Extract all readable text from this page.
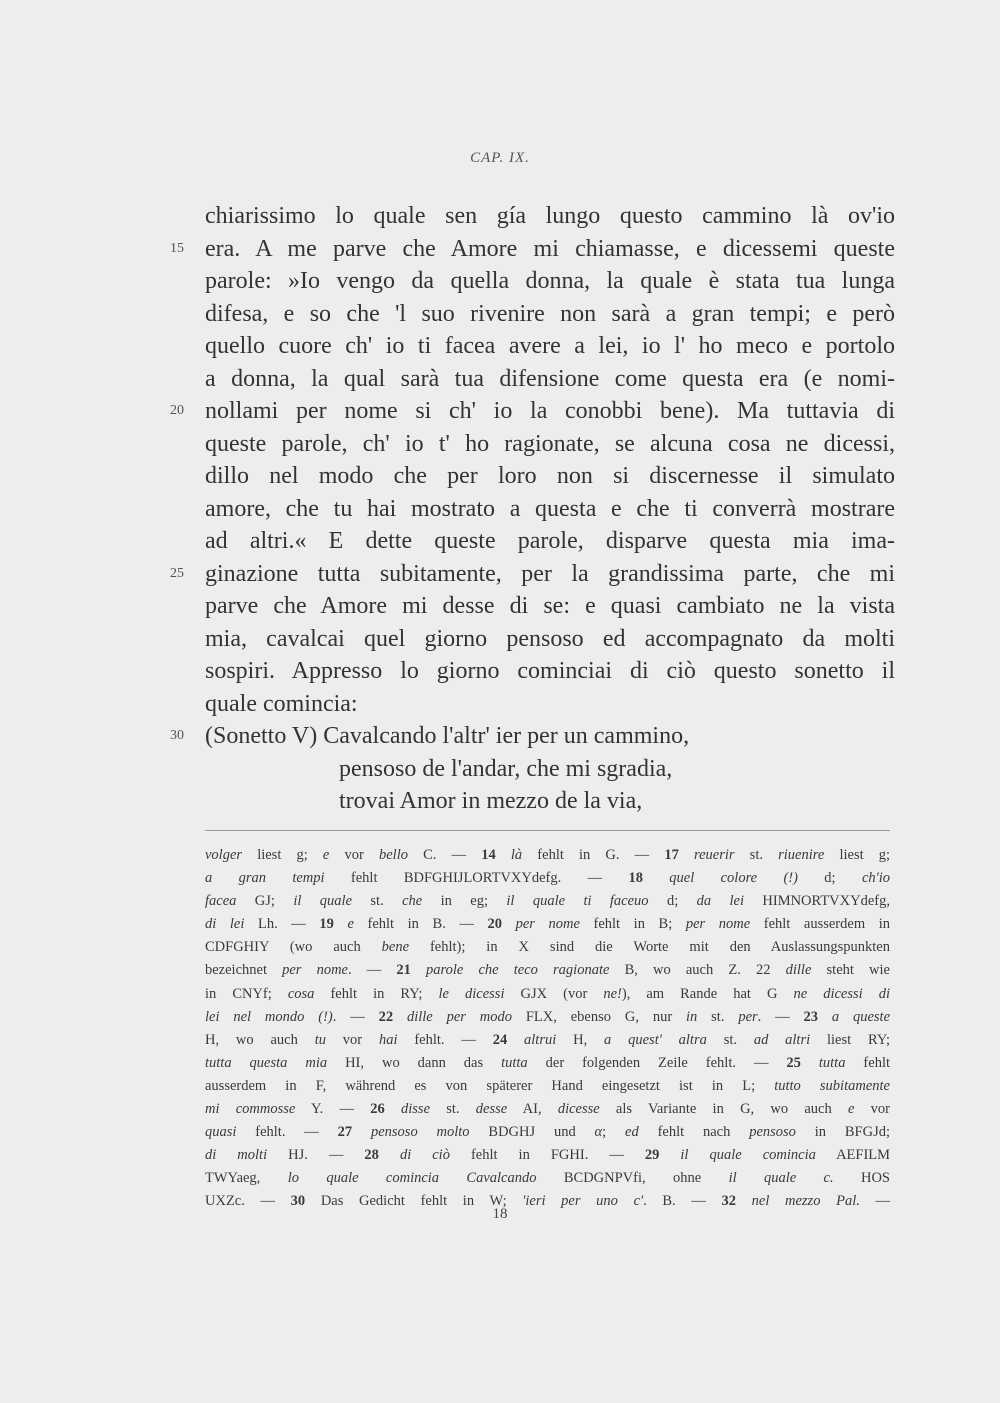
CAP. IX.
chiarissimo lo quale sen gía lungo questo cammino là ov'io
15 era. A me parve che Amore mi chiamasse, e dicessemi queste
parole: »Io vengo da quella donna, la quale è stata tua lunga
difesa, e so che 'l suo rivenire non sarà a gran tempi; e però
quello cuore ch' io ti facea avere a lei, io l' ho meco e portolo
a donna, la qual sarà tua difensione come questa era (e nomi-
20 nollami per nome si ch' io la conobbi bene). Ma tuttavia di
queste parole, ch' io t' ho ragionate, se alcuna cosa ne dicessi,
dillo nel modo che per loro non si discernesse il simulato
amore, che tu hai mostrato a questa e che ti converrà mostrare
ad altri.« E dette queste parole, disparve questa mia ima-
25 ginazione tutta subitamente, per la grandissima parte, che mi
parve che Amore mi desse di se: e quasi cambiato ne la vista
mia, cavalcai quel giorno pensoso ed accompagnato da molti
sospiri. Appresso lo giorno cominciai di ciò questo sonetto il
quale comincia:
30 (Sonetto V) Cavalcando l'altr' ier per un cammino,
pensoso de l'andar, che mi sgradia,
trovai Amor in mezzo de la via,
volger liest g; e vor bello C. — 14 là fehlt in G. — 17 reuerir st. riuenire liest g;
a gran tempi fehlt BDFGHIJLORTVXYdefg. — 18 quel colore (!) d; ch'io
facea GJ; il quale st. che in eg; il quale ti faceuo d; da lei HIMNORTVXYdefg,
di lei Lh. — 19 e fehlt in B. — 20 per nome fehlt in B; per nome fehlt ausserdem in
CDFGHIY (wo auch bene fehlt); in X sind die Worte mit den Auslassungspunkten
bezeichnet per nome. — 21 parole che teco ragionate B, wo auch Z. 22 dille steht wie
in CNYf; cosa fehlt in RY; le dicessi GJX (vor ne!), am Rande hat G ne dicessi di
lei nel mondo (!). — 22 dille per modo FLX, ebenso G, nur in st. per. — 23 a queste
H, wo auch tu vor hai fehlt. — 24 altrui H, a quest' altra st. ad altri liest RY;
tutta questa mia HI, wo dann das tutta der folgenden Zeile fehlt. — 25 tutta fehlt
ausserdem in F, während es von späterer Hand eingesetzt ist in L; tutto subitamente
mi commosse Y. — 26 disse st. desse AI, dicesse als Variante in G, wo auch e vor
quasi fehlt. — 27 pensoso molto BDGHJ und α; ed fehlt nach pensoso in BFGJd;
di molti HJ. — 28 di ciò fehlt in FGHI. — 29 il quale comincia AEFILM
TWYaeg, lo quale comincia Cavalcando BCDGNPVfi, ohne il quale c. HOS
UXZc. — 30 Das Gedicht fehlt in W; 'ieri per uno c'. B. — 32 nel mezzo Pal. —
18
